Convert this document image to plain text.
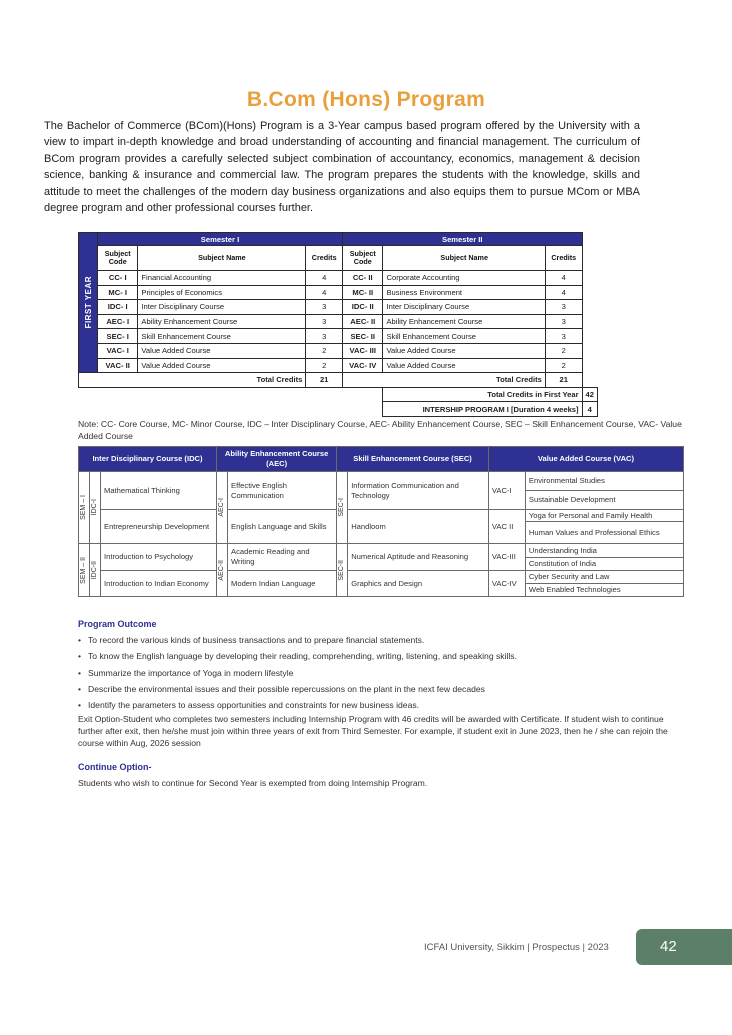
B.Com (Hons) Program
The Bachelor of Commerce (BCom)(Hons) Program is a 3-Year campus based program offered by the University with a view to impart in-depth knowledge and broad understanding of accounting and financial management. The curriculum of BCom program provides a carefully selected subject combination of accountancy, economics, management & decision science, banking & insurance and commercial law. The program prepares the students with the knowledge, skills and attitude to meet the challenges of the modern day business organizations and also equips them to pursue MCom or MBA degree program and other professional courses further.
FIRST YEAR	Semester I			Semester II			
	Subject Code	Subject Name	Credits	Subject Code	Subject Name	Credits	
	CC- I	Financial Accounting	4	CC- II	Corporate Accounting	4	
	MC- I	Principles of Economics	4	MC- II	Business Environment	4	
	IDC- I	Inter Disciplinary Course	3	IDC- II	Inter Disciplinary Course	3	
	AEC- I	Ability Enhancement Course	3	AEC- II	Ability Enhancement Course	3	
	SEC- I	Skill Enhancement Course	3	SEC- II	Skill Enhancement Course	3	
	VAC- I	Value Added Course	2	VAC- III	Value Added Course	2	
	VAC- II	Value Added Course	2	VAC- IV	Value Added Course	2	
Total Credits			21	Total Credits		21	
					Total Credits in First Year		42
					INTERSHIP PROGRAM I [Duration 4 weeks]		4
Note: CC- Core Course, MC- Minor Course, IDC – Inter Disciplinary Course, AEC- Ability Enhancement Course, SEC – Skill Enhancement Course, VAC- Value Added Course
Inter Disciplinary Course (IDC)			Ability Enhancement Course (AEC)		Skill Enhancement Course (SEC)		Value Added Course (VAC)	

SEM – I	IDC-I	Mathematical Thinking	AEC-I	Effective English Communication	SEC-I	Information Communication and Technology	VAC-I	Environmental Studies
								Sustainable Development
		Entrepreneurship Development		English Language and Skills		Handloom	VAC II	Yoga for Personal and Family Health
								Human Values and Professional Ethics

SEM – II	IDC-II	Introduction to Psychology	AEC-II	Academic Reading and Writing	SEC-II	Numerical Aptitude and Reasoning	VAC-III	Understanding India
								Constitution of India
		Introduction to Indian Economy		Modern Indian Language		Graphics and Design	VAC-IV	Cyber Security and Law
								Web Enabled Technologies
Program Outcome
• To record the various kinds of business transactions and to prepare financial statements.
• To know the English language by developing their reading, comprehending, writing, listening, and speaking skills.
• Summarize the importance of Yoga in modern lifestyle
• Describe the environmental issues and their possible repercussions on the plant in the next few decades
• Identify the parameters to assess opportunities and constraints for new business ideas.

Exit Option-Student who completes two semesters including Internship Program with 46 credits will be awarded with Certificate. If student wish to continue further after exit, then he/she must join within three years of exit from Third Semester. For example, if student exit in June 2023, then he / she can rejoin the course within Aug, 2026 session

Continue Option-
Students who wish to continue for Second Year is exempted from doing Internship Program.
ICFAI University, Sikkim | Prospectus | 2023	42
